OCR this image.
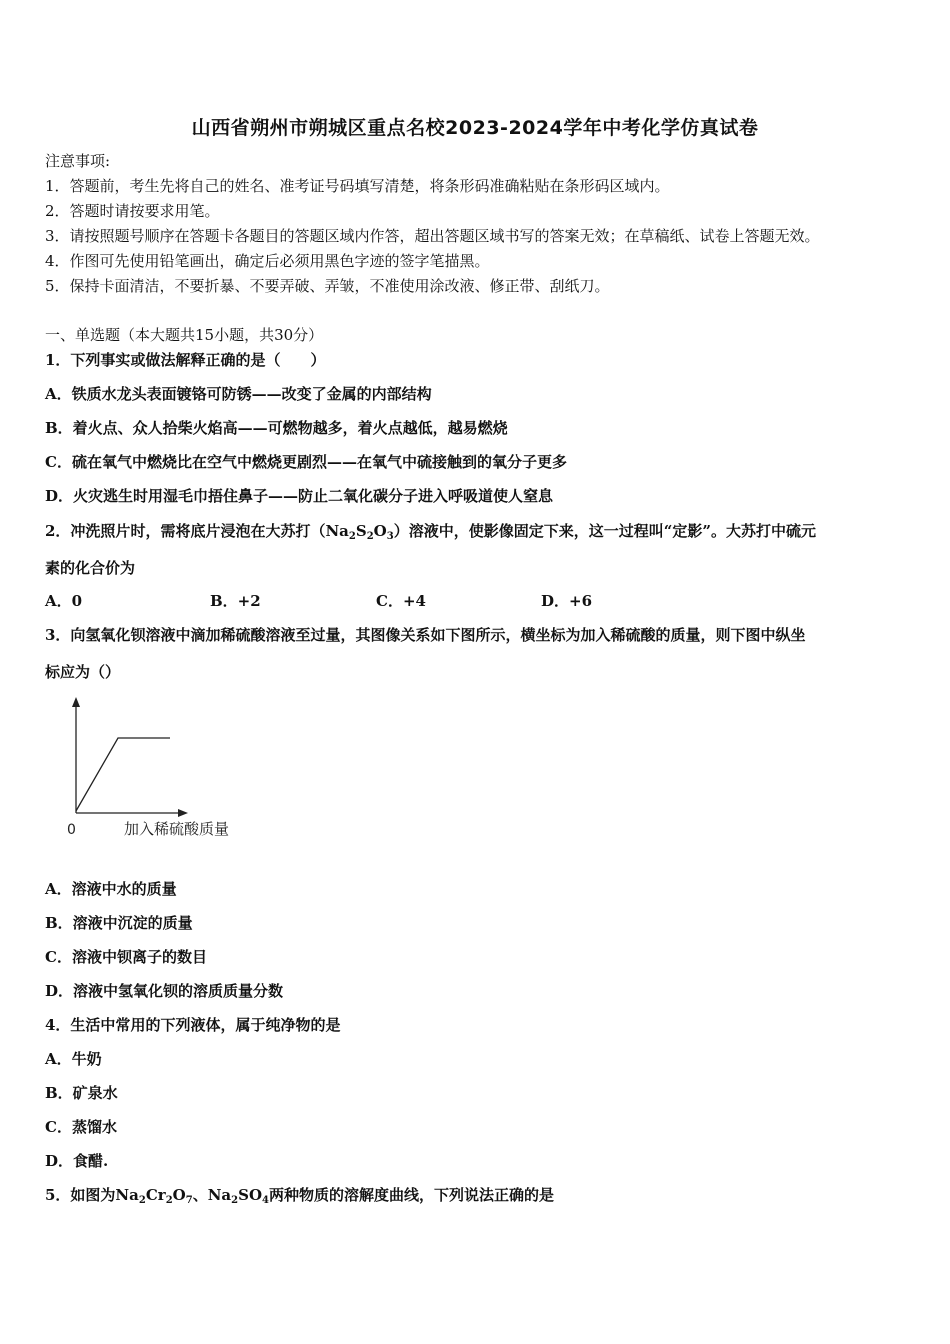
山西省朔州市朔城区重点名校2023-2024学年中考化学仿真试卷
注意事项:
1．答题前，考生先将自己的姓名、准考证号码填写清楚，将条形码准确粘贴在条形码区域内。
2．答题时请按要求用笔。
3．请按照题号顺序在答题卡各题目的答题区域内作答，超出答题区域书写的答案无效；在草稿纸、试卷上答题无效。
4．作图可先使用铅笔画出，确定后必须用黑色字迹的签字笔描黑。
5．保持卡面清洁，不要折暴、不要弄破、弄皱，不准使用涂改液、修正带、刮纸刀。
一、单选题（本大题共15小题，共30分）
1．下列事实或做法解释正确的是（　　）
A．铁质水龙头表面镀铬可防锈——改变了金属的内部结构
B．着火点、众人拾柴火焰高——可燃物越多，着火点越低，越易燃烧
C．硫在氧气中燃烧比在空气中燃烧更剧烈——在氧气中硫接触到的氧分子更多
D．火灾逃生时用湿毛巾捂住鼻子——防止二氧化碳分子进入呼吸道使人窒息
2．冲洗照片时，需将底片浸泡在大苏打$(Na_2S_2O_3)$溶液中，使影像固定下来，这一过程叫“定影”。大苏打中硫元
素的化合价为
A．0	B．+2	C．+4	D．+6
3．向氢氧化钡溶液中滴加稀硫酸溶液至过量，其图像关系如下图所示，横坐标为加入稀硫酸的质量，则下图中纵坐
标应为（）
0	加入稀硫酸质量
A．溶液中水的质量
B．溶液中沉淀的质量
C．溶液中钡离子的数目
D．溶液中氢氧化钡的溶质质量分数
4．生活中常用的下列液体，属于纯净物的是
A．牛奶
B．矿泉水
C．蒸馏水
D．食醋.
5．如图为$Na_2Cr_2O_7$、$Na_2SO_4$两种物质的溶解度曲线，下列说法正确的是
